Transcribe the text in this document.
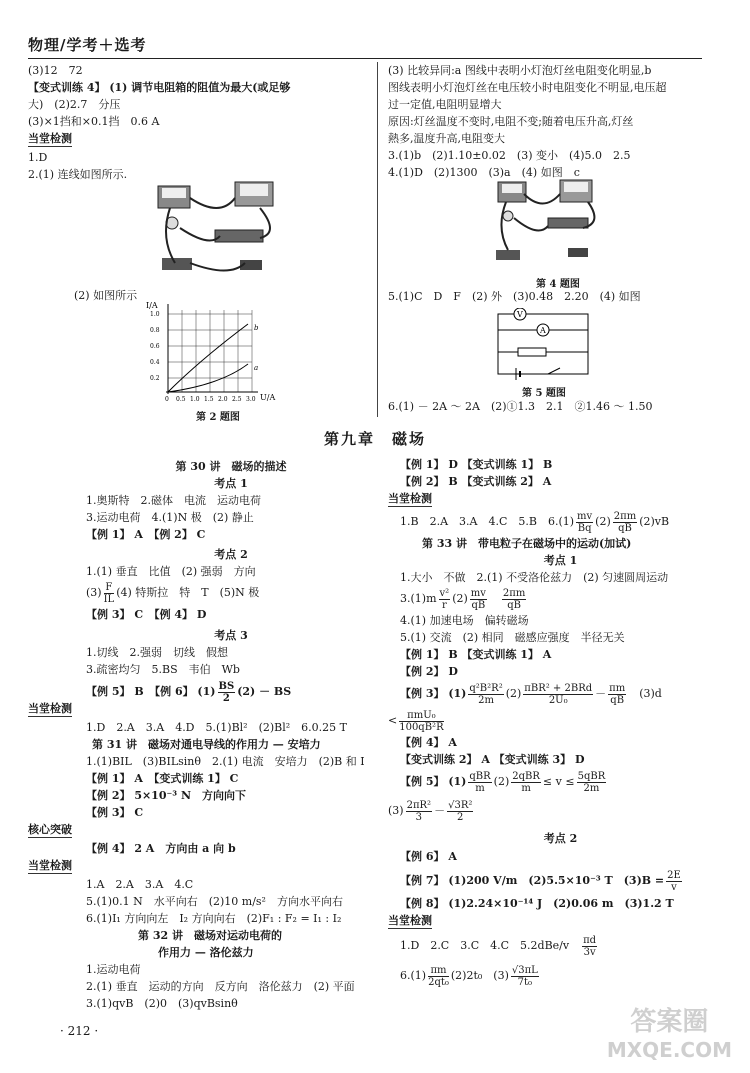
物理/学考＋选考
(3)12　72
【变式训练 4】 (1) 调节电阻箱的阻值为最大(或足够
大)　(2)2.7　分压
(3)×1挡和×0.1挡　0.6 A
当堂检测
1.D
2.(1) 连线如图所示.
(2) 如图所示
I/A
U/A
1.0
0.8
0.6
0.4
0.2
0 0.5 1.0 1.5 2.0 2.5 3.0
b
a
第 2 题图
(3) 比较异同:a 图线中表明小灯泡灯丝电阻变化明显,b
图线表明小灯泡灯丝在电压较小时电阻变化不明显,电压超
过一定值,电阻明显增大
原因:灯丝温度不变时,电阻不变;随着电压升高,灯丝
熱多,温度升高,电阻变大
3.(1)b　(2)1.10±0.02　(3) 变小　(4)5.0　2.5
4.(1)D　(2)1300　(3)a　(4) 如图　c
第 4 题图
5.(1)C　D　F　(2) 外　(3)0.48　2.20　(4) 如图
V
A
第 5 题图
6.(1) － 2A ～ 2A　(2)①1.3　2.1　②1.46 ～ 1.50
第九章　磁场
第 30 讲　磁场的描述
考点 1
1.奥斯特　2.磁体　电流　运动电荷
3.运动电荷　4.(1)N 极　(2) 静止
【例 1】 A　【例 2】 C
考点 2
1.(1) 垂直　比值　(2) 强弱　方向
$(3) \frac{F}{IL} (4)$ 特斯拉　特　T　(5)N 极
【例 3】 C　【例 4】 D
考点 3
1.切线　2.强弱　切线　假想
3.疏密均匀　5.BS　韦伯　Wb
【例 5】 B　【例 6】 $(1) \frac{BS}{2} (2)$ － BS
当堂检测
1.D　2.A　3.A　4.D　5.(1)Bl²　(2)Bl²　6.0.25 T
第 31 讲　磁场对通电导线的作用力 — 安培力
1.(1)BIL　(3)BILsinθ　2.(1) 电流　安培力　(2)B 和 I
【例 1】 A　【变式训练 1】 C
【例 2】 5×10⁻³ N　方向向下
【例 3】 C
核心突破
【例 4】 2 A　方向由 a 向 b
当堂检测
1.A　2.A　3.A　4.C
5.(1)0.1 N　水平向右　(2)10 m/s²　方向水平向右
6.(1)I₁ 方向向左　I₂ 方向向右　(2)F₁ : F₂ = I₁ : I₂
第 32 讲　磁场对运动电荷的
作用力 — 洛伦兹力
1.运动电荷
2.(1) 垂直　运动的方向　反方向　洛伦兹力　(2) 平面
3.(1)qvB　(2)0　(3)qvBsinθ
【例 1】 D 【变式训练 1】 B
【例 2】 B 【变式训练 2】 A
当堂检测
1.B　2.A　3.A　4.C　5.B　$6.(1) \frac{mv}{Bq} (2) \frac{2\pi m}{qB} (2)vB$
第 33 讲　带电粒子在磁场中的运动(加试)
考点 1
1.大小　不做　2.(1) 不受洛伦兹力　(2) 匀速圆周运动
$3.(1)m \frac{\text{v²}}{r} (2) \frac{mv}{qB}$
　 $\frac{2\pi m}{qB}$
4.(1) 加速电场　偏转磁场
5.(1) 交流　(2) 相同　磁感应强度　半径无关
【例 1】 B 【变式训练 1】 A
【例 2】 D
【例 3】 $(1) \frac{\text{q²B²R²}}{2m} (2) \frac{\text{πBR² + 2BRd}}{\text{2U₀}} - \frac{\pi m}{qB}$
　 (3)d
< $\frac{\text{πmU₀}}{\text{100qB²R}}$
【例 4】 A
【变式训练 2】 A 【变式训练 3】 D
【例 5】 $(1) \frac{\text{qBR}}{m} (2) \frac{\text{2qBR}}{m} \le v \le \frac{\text{5qBR}}{2m}$
$(3) \frac{\text{2πR²}}{3} - \frac{\text{√3R²}}{2}$
考点 2
【例 6】 A
【例 7】 (1)200 V/m　(2)5.5×10⁻³ T　$(3)B = \frac{2E}{v}$
【例 8】 (1)2.24×10⁻¹⁴ J　(2)0.06 m　(3)1.2 T
当堂检测
1.D　2.C　3.C　4.C　5.2dBe/v　 $\frac{\pi d}{3v}$
$6.(1) \frac{\pi m}{\text{2qt₀}} (2)2t_0$　$(3) \frac{√3\pi L}{\text{7t₀}}$
· 212 ·	答案圈
MXQE.COM
